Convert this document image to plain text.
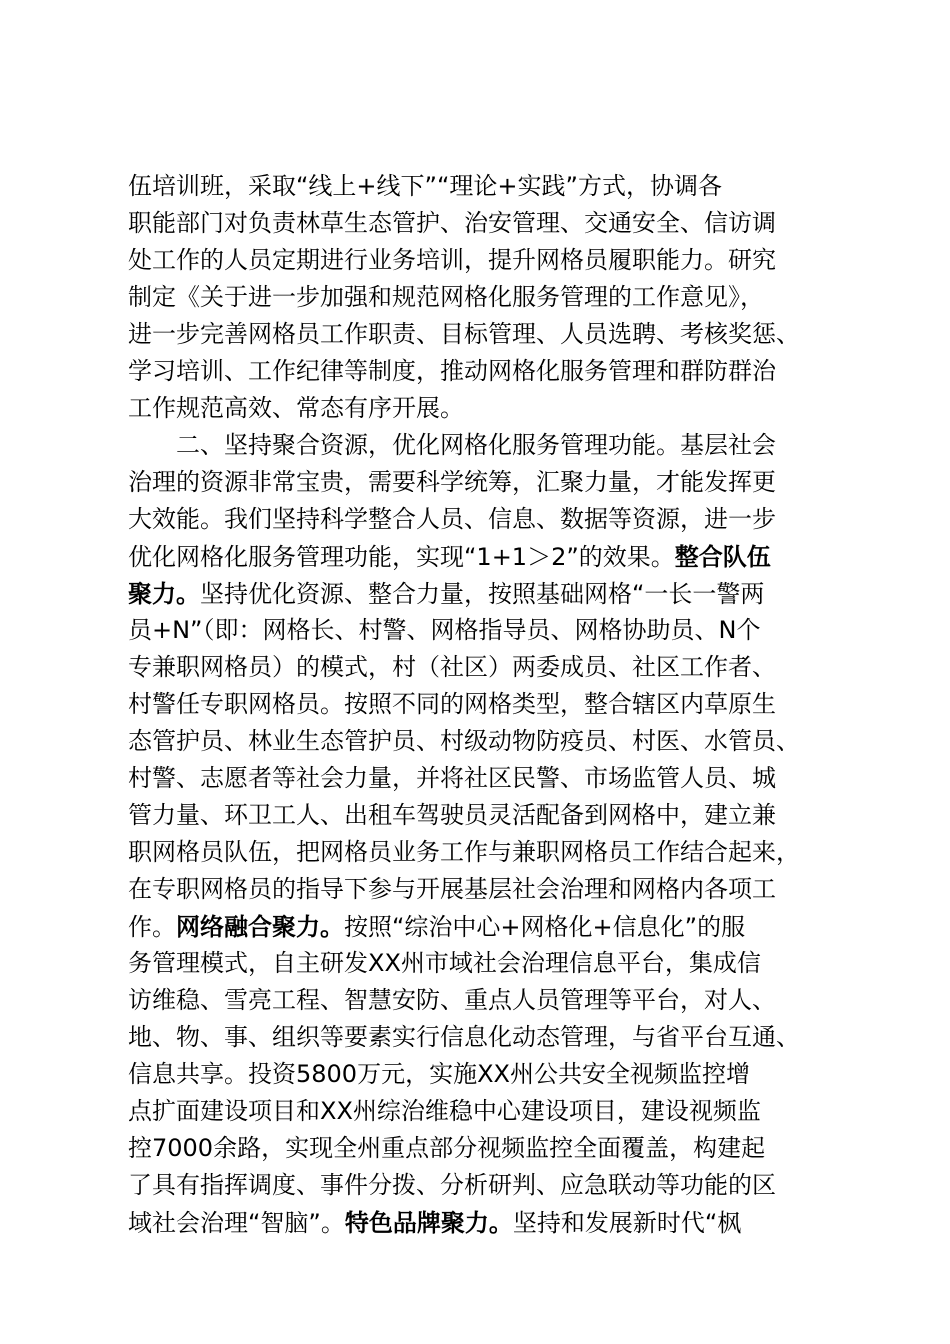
伍培训班，采取“线上+线下”“理论+实践”方式，协调各
职能部门对负责林草生态管护、治安管理、交通安全、信访调
处工作的人员定期进行业务培训，提升网格员履职能力。研究
制定《关于进一步加强和规范网格化服务管理的工作意见》，
进一步完善网格员工作职责、目标管理、人员选聘、考核奖惩、
学习培训、工作纪律等制度，推动网格化服务管理和群防群治
工作规范高效、常态有序开展。
　　二、坚持聚合资源，优化网格化服务管理功能。基层社会
治理的资源非常宝贵，需要科学统筹，汇聚力量，才能发挥更
大效能。我们坚持科学整合人员、信息、数据等资源，进一步
优化网格化服务管理功能，实现“1+1＞2”的效果。整合队伍
聚力。坚持优化资源、整合力量，按照基础网格“一长一警两
员+N”（即：网格长、村警、网格指导员、网格协助员、N个
专兼职网格员）的模式，村（社区）两委成员、社区工作者、
村警任专职网格员。按照不同的网格类型，整合辖区内草原生
态管护员、林业生态管护员、村级动物防疫员、村医、水管员、
村警、志愿者等社会力量，并将社区民警、市场监管人员、城
管力量、环卫工人、出租车驾驶员灵活配备到网格中，建立兼
职网格员队伍，把网格员业务工作与兼职网格员工作结合起来，
在专职网格员的指导下参与开展基层社会治理和网格内各项工
作。网络融合聚力。按照“综治中心+网格化+信息化”的服
务管理模式，自主研发XX州市域社会治理信息平台，集成信
访维稳、雪亮工程、智慧安防、重点人员管理等平台，对人、
地、物、事、组织等要素实行信息化动态管理，与省平台互通、
信息共享。投资5800万元，实施XX州公共安全视频监控增
点扩面建设项目和XX州综治维稳中心建设项目，建设视频监
控7000余路，实现全州重点部分视频监控全面覆盖，构建起
了具有指挥调度、事件分拨、分析研判、应急联动等功能的区
域社会治理“智脑”。特色品牌聚力。坚持和发展新时代“枫
